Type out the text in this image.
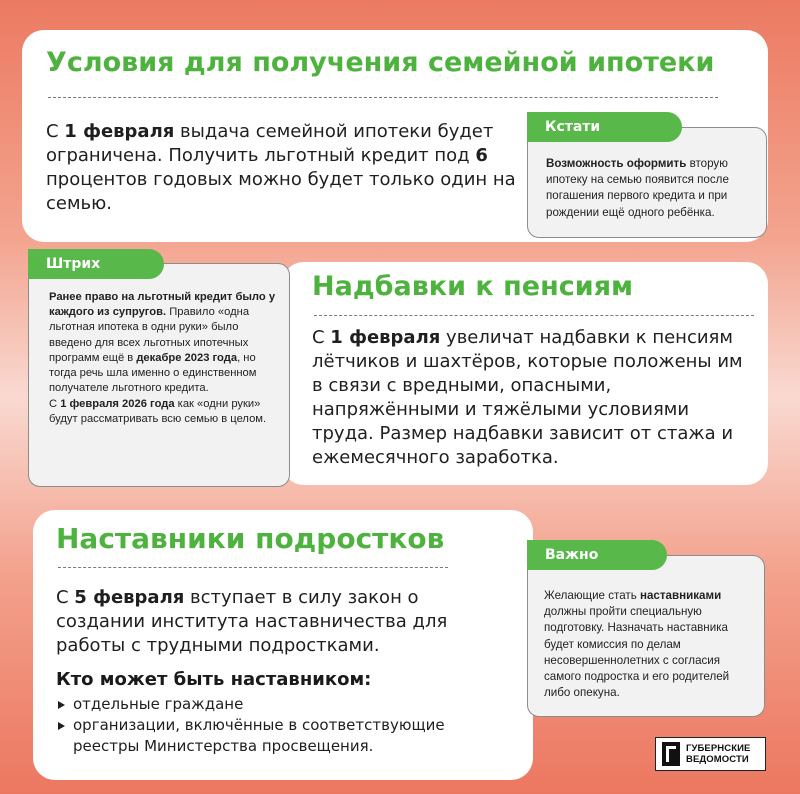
Условия для получения семейной ипотеки
С 1 февраля выдача семейной ипотеки будет ограничена. Получить льготный кредит под 6 процентов годовых можно будет только один на семью.
Возможность оформить вторую ипотеку на семью появится после погашения первого кредита и при рождении ещё одного ребёнка.
Кстати
Надбавки к пенсиям
С 1 февраля увеличат надбавки к пенсиям лётчиков и шахтёров, которые положены им в связи с вредными, опасными, напряжёнными и тяжёлыми условиями труда. Размер надбавки зависит от стажа и ежемесячного заработка.
Ранее право на льготный кредит было у каждого из супругов. Правило «одна льготная ипотека в одни руки» было введено для всех льготных ипотечных программ ещё в декабре 2023 года, но тогда речь шла именно о единственном получателе льготного кредита.
С 1 февраля 2026 года как «одни руки» будут рассматривать всю семью в целом.
Штрих
Наставники подростков
С 5 февраля вступает в силу закон о создании института наставничества для работы с трудными подростками.
Кто может быть наставником:
отдельные граждане
организации, включённые в соответствующие реестры Министерства просвещения.
Желающие стать наставниками должны пройти специальную подготовку. Назначать наставника будет комиссия по делам несовершеннолетних с согласия самого подростка и его родителей либо опекуна.
Важно
ГУБЕРНСКИЕ
ВЕДОМОСТИ
